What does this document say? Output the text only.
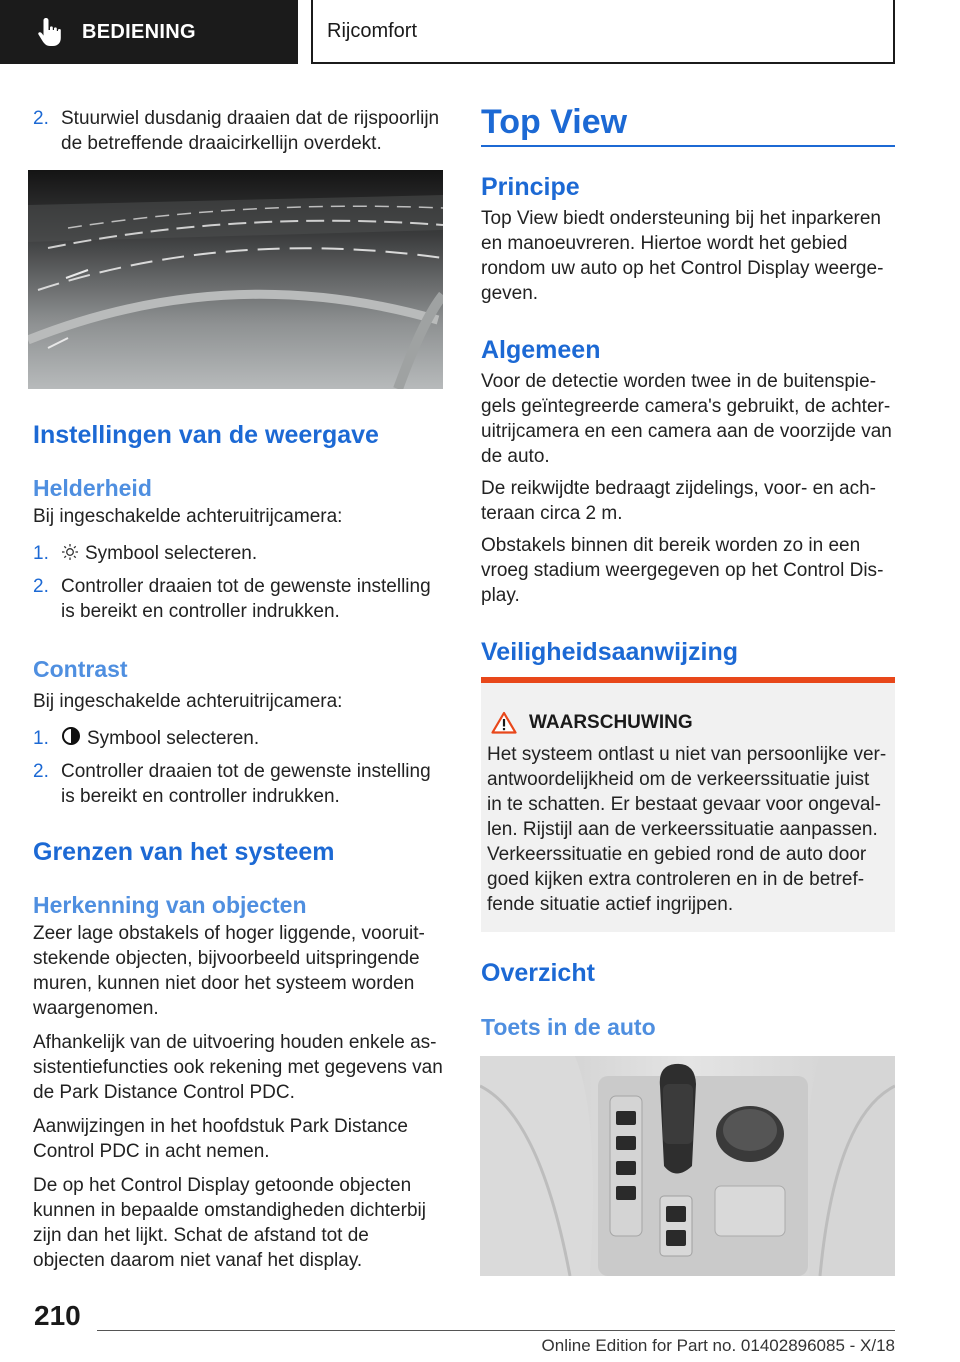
BEDIENING	Rijcomfort
2. Stuurwiel dusdanig draaien dat de rijspoorlijn de betreffende draaicirkellijn overdekt.
Instellingen van de weergave
Helderheid
Bij ingeschakelde achteruitrijcamera:
1. Symbool selecteren.
2. Controller draaien tot de gewenste instelling is bereikt en controller indrukken.
Contrast
Bij ingeschakelde achteruitrijcamera:
1. Symbool selecteren.
2. Controller draaien tot de gewenste instelling is bereikt en controller indrukken.
Grenzen van het systeem
Herkenning van objecten
Zeer lage obstakels of hoger liggende, vooruitstekende objecten, bijvoorbeeld uitspringende muren, kunnen niet door het systeem worden waargenomen.
Afhankelijk van de uitvoering houden enkele assistentiefuncties ook rekening met gegevens van de Park Distance Control PDC.
Aanwijzingen in het hoofdstuk Park Distance Control PDC in acht nemen.
De op het Control Display getoonde objecten kunnen in bepaalde omstandigheden dichterbij zijn dan het lijkt. Schat de afstand tot de objecten daarom niet vanaf het display.
Top View
Principe
Top View biedt ondersteuning bij het inparkeren en manoeuvreren. Hiertoe wordt het gebied rondom uw auto op het Control Display weergegeven.
Algemeen
Voor de detectie worden twee in de buitenspiegels geïntegreerde camera's gebruikt, de achteruitrijcamera en een camera aan de voorzijde van de auto.
De reikwijdte bedraagt zijdelings, voor- en achteraan circa 2 m.
Obstakels binnen dit bereik worden zo in een vroeg stadium weergegeven op het Control Display.
Veiligheidsaanwijzing
WAARSCHUWING
Het systeem ontlast u niet van persoonlijke verantwoordelijkheid om de verkeerssituatie juist in te schatten. Er bestaat gevaar voor ongevallen. Rijstijl aan de verkeerssituatie aanpassen. Verkeerssituatie en gebied rond de auto door goed kijken extra controleren en in de betreffende situatie actief ingrijpen.
Overzicht
Toets in de auto
210
Online Edition for Part no. 01402896085 - X/18
